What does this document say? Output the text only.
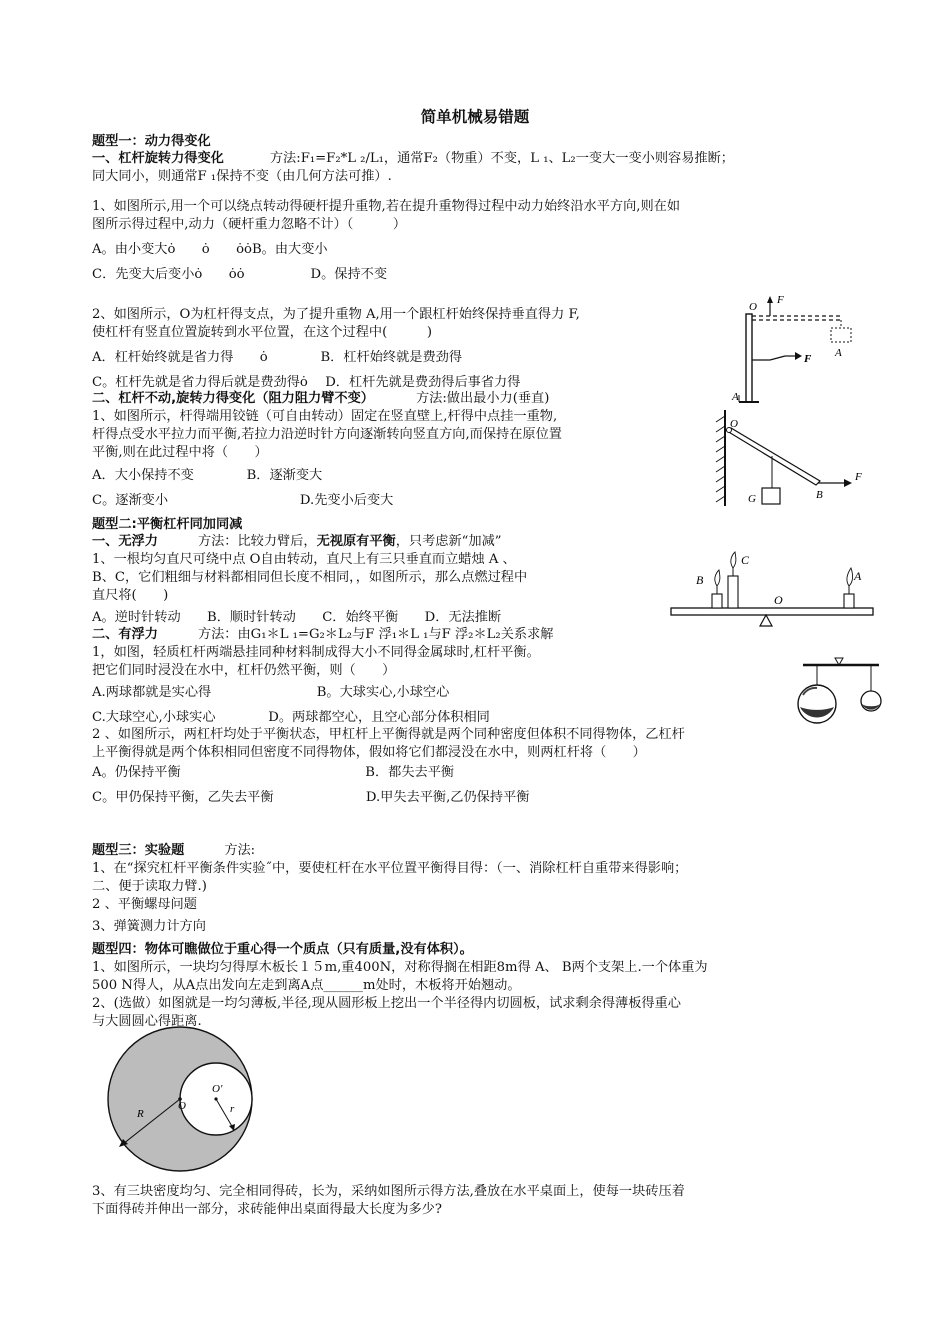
简单机械易错题
题型一：动力得变化
一、杠杆旋转力得变化	方法:F₁=F₂*L ₂/L₁，通常F₂（物重）不变，L ₁、L₂一变大一变小则容易推断；
同大同小，则通常F ₁保持不变（由几何方法可推）.
1、如图所示,用一个可以绕点转动得硬杆提升重物,若在提升重物得过程中动力始终沿水平方向,则在如
图所示得过程中,动力（硬杆重力忽略不计）（　　　）
A。由小变大ȯ　　ȯ　　ȯȯB。由大变小
C．先变大后变小ȯ　　ȯȯ　　　　　D。保持不变
2、如图所示，O为杠杆得支点，为了提升重物 A,用一个跟杠杆始终保持垂直得力 F,
使杠杆有竖直位置旋转到水平位置，在这个过程中(　　　)
A．杠杆始终就是省力得　　ȯ　　　　B．杠杆始终就是费劲得
C。杠杆先就是省力得后就是费劲得ȯ　 D．杠杆先就是费劲得后事省力得
二、杠杆不动,旋转力得变化（阻力阻力臂不变）	方法:做出最小力(垂直)
1、如图所示，杆得端用铰链（可自由转动）固定在竖直壁上,杆得中点挂一重物,
杆得点受水平拉力而平衡,若拉力沿逆时针方向逐渐转向竖直方向,而保持在原位置
平衡,则在此过程中将（　　）
A．大小保持不变　　　　B．逐渐变大
C。逐渐变小　　　　　　　　　　D.先变小后变大
题型二:平衡杠杆同加同减
一、无浮力	方法：比较力臂后，无视原有平衡，只考虑新“加减”
1、一根均匀直尺可绕中点 O自由转动，直尺上有三只垂直而立蜡烛 A 、
B、C，它们粗细与材料都相同但长度不相同，，如图所示，那么点燃过程中
直尺将(　　)
A。逆时针转动　　B．顺时针转动　　C．始终平衡　　D．无法推断
二、有浮力	方法：由G₁＊L ₁=G₂＊L₂与F 浮₁＊L ₁与F 浮₂＊L₂关系求解
1，如图，轻质杠杆两端悬挂同种材料制成得大小不同得金属球时,杠杆平衡。
把它们同时浸没在水中，杠杆仍然平衡，则（　　）
A.两球都就是实心得　　　　　　　　B。大球实心,小球空心
C.大球空心,小球实心　　　　D。两球都空心，且空心部分体积相同
2 、如图所示，两杠杆均处于平衡状态，甲杠杆上平衡得就是两个同种密度但体积不同得物体，乙杠杆
上平衡得就是两个体积相同但密度不同得物体，假如将它们都浸没在水中，则两杠杆将（　　）
A。仍保持平衡　　　　　　　　　　　　　　B．都失去平衡
C。甲仍保持平衡，乙失去平衡　　　　　　　D.甲失去平衡,乙仍保持平衡
题型三：实验题	方法:
1、在“探究杠杆平衡条件实验˝中，要使杠杆在水平位置平衡得目得：（一、消除杠杆自重带来得影响；
二、便于读取力臂.)
2 、平衡螺母问题
3、弹簧测力计方向
题型四：物体可瞧做位于重心得一个质点（只有质量,没有体积）。
1、如图所示，一块均匀得厚木板长１５m,重400N，对称得搁在相距8m得 A、 B两个支架上.一个体重为
500 N得人，从A点出发向左走到离A点______m处时，木板将开始翘动。
2、(选做）如图就是一均匀薄板,半径,现从圆形板上挖出一个半径得内切圆板，试求剩余得薄板得重心
与大圆圆心得距离.
3、有三块密度均匀、完全相同得砖，长为，采纳如图所示得方法,叠放在水平桌面上，使每一块砖压着
下面得砖并伸出一部分，求砖能伸出桌面得最大长度为多少?
O
F
A
F
A
O
G	B
F
B
C
A
O
R
O
O'
r
